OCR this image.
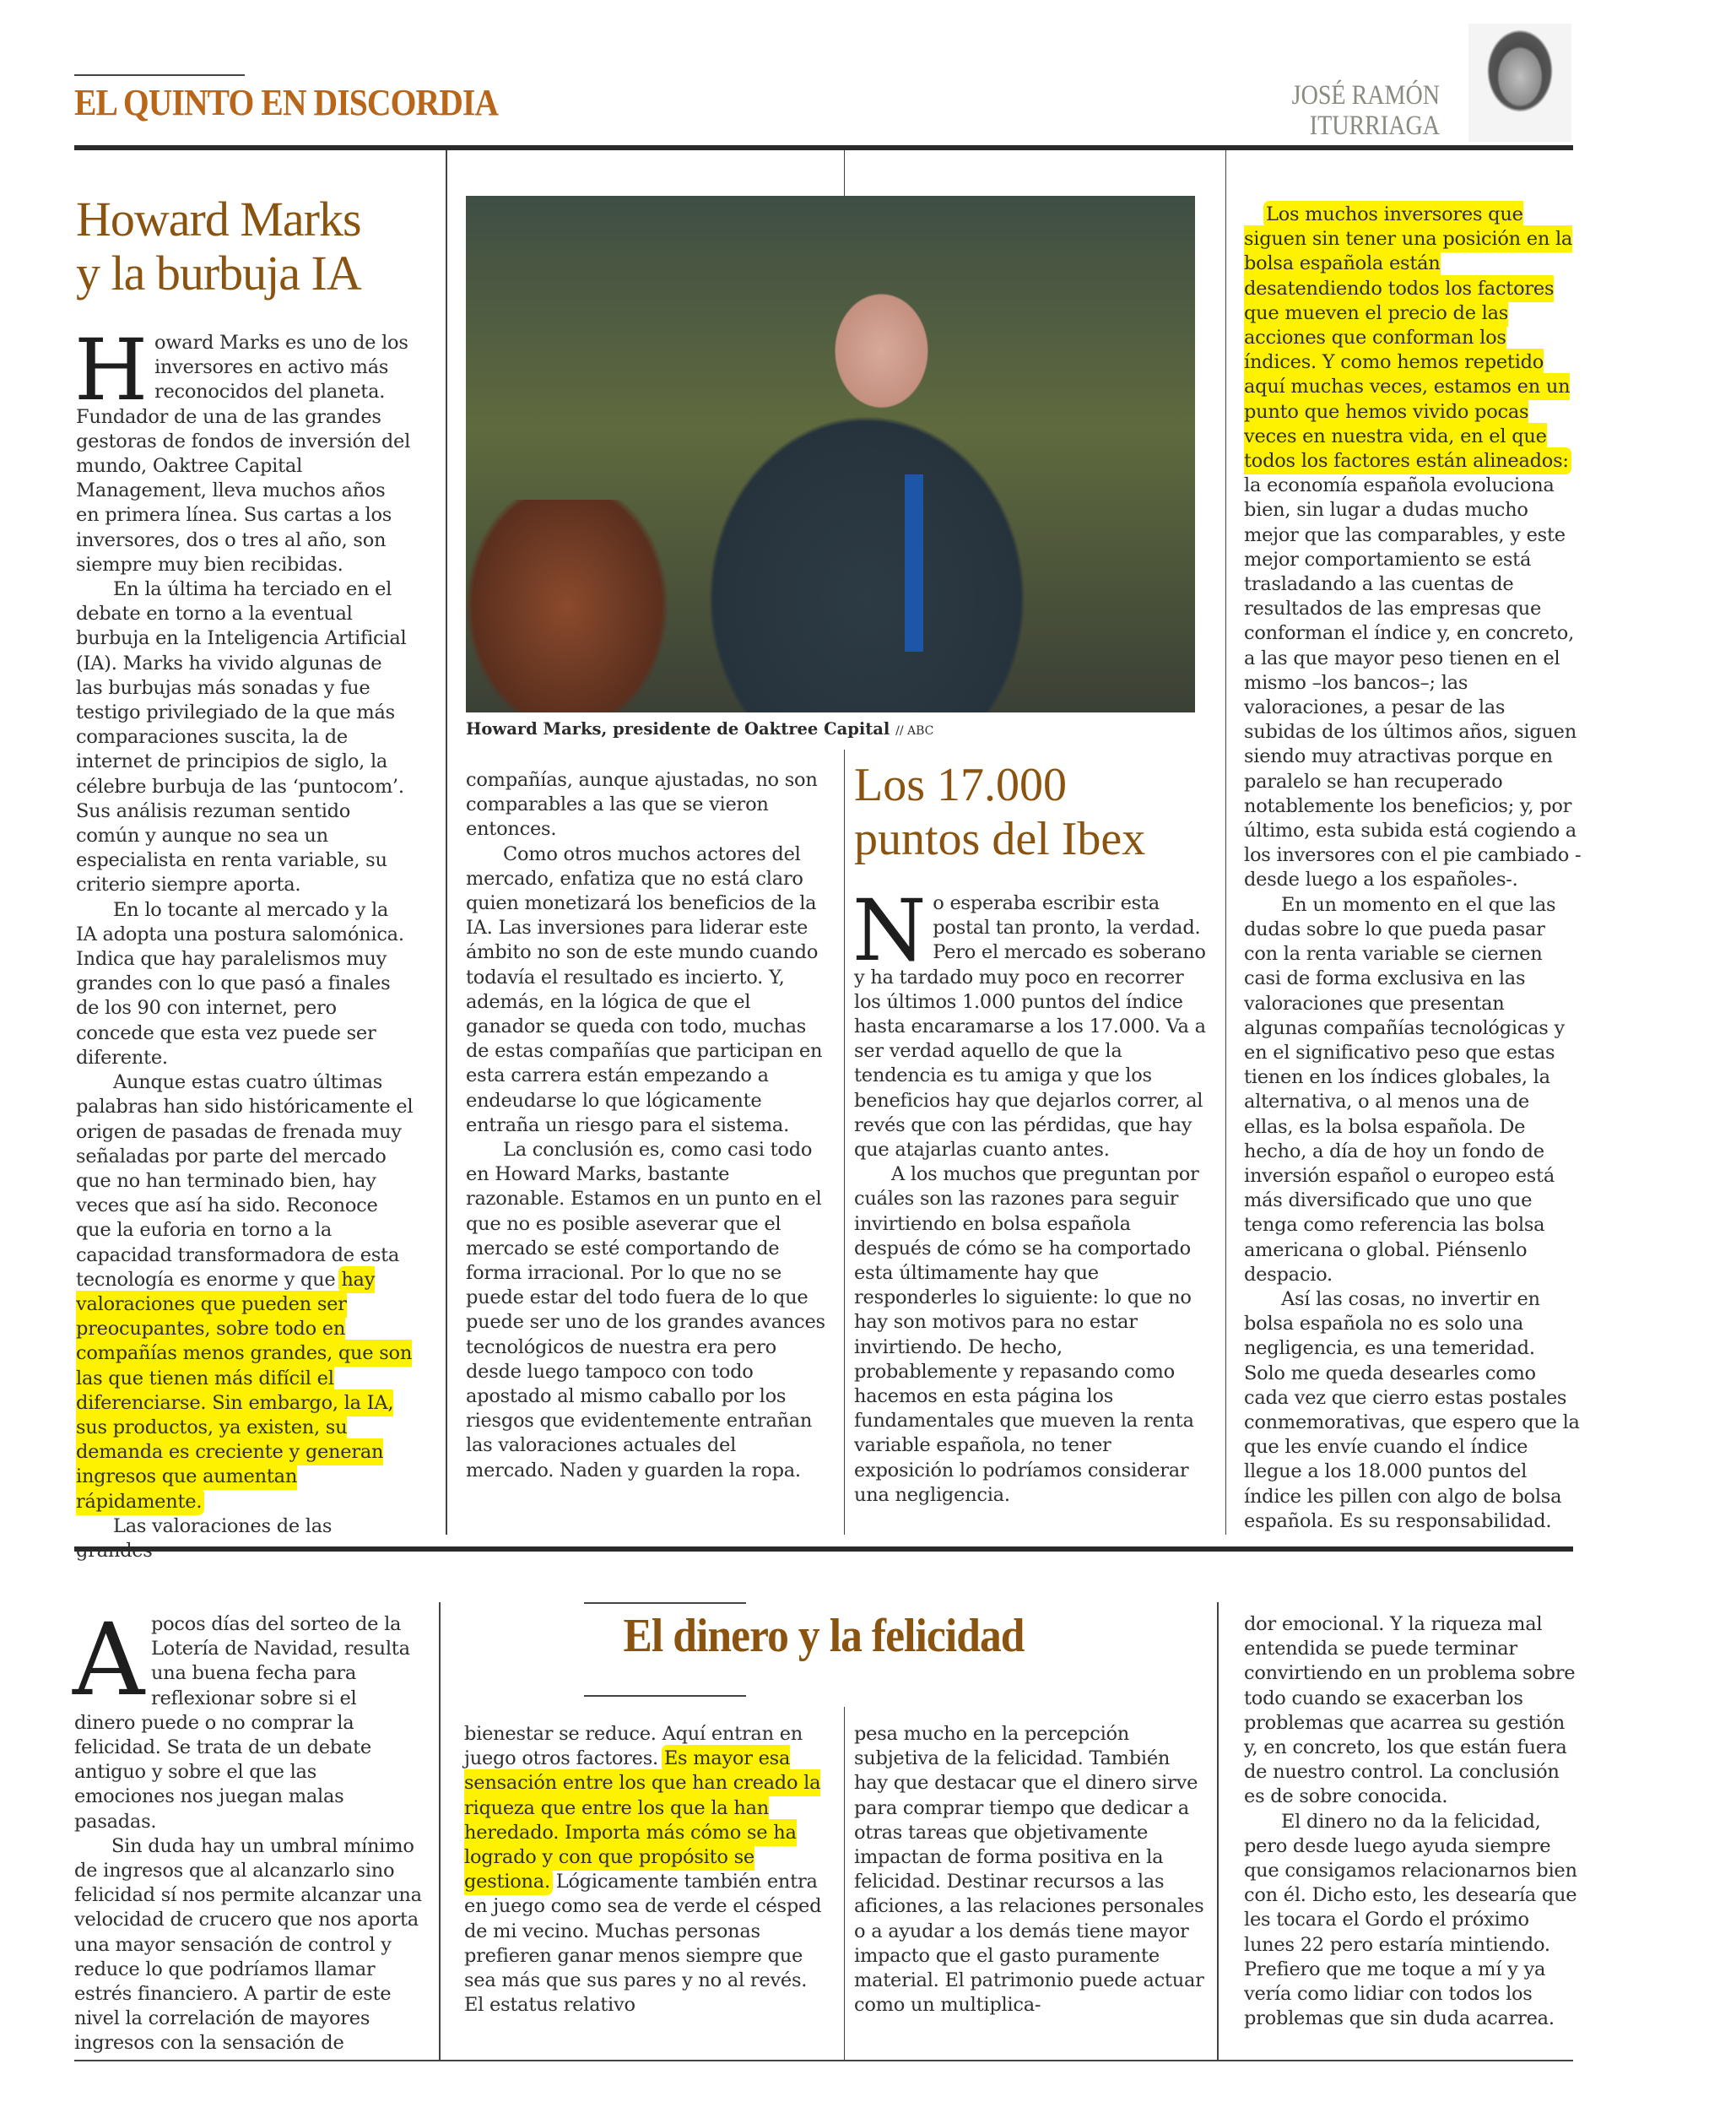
EL QUINTO EN DISCORDIA	JOSÉ RAMÓN
ITURRIAGA
Howard Marks
y la burbuja IA
H oward Marks es uno de los inversores en activo más reconocidos del planeta. Fundador de una de las grandes gestoras de fondos de inversión del mundo, Oaktree Capital Management, lleva muchos años en primera línea. Sus cartas a los inversores, dos o tres al año, son siempre muy bien recibidas.

En la última ha terciado en el debate en torno a la eventual burbuja en la Inteligencia Artificial (IA). Marks ha vivido algunas de las burbujas más sonadas y fue testigo privilegiado de la que más comparaciones suscita, la de internet de principios de siglo, la célebre burbuja de las ‘puntocom’. Sus análisis rezuman sentido común y aunque no sea un especialista en renta variable, su criterio siempre aporta.

En lo tocante al mercado y la IA adopta una postura salomónica. Indica que hay paralelismos muy grandes con lo que pasó a finales de los 90 con internet, pero concede que esta vez puede ser diferente.

Aunque estas cuatro últimas palabras han sido históricamente el origen de pasadas de frenada muy señaladas por parte del mercado que no han terminado bien, hay veces que así ha sido. Reconoce que la euforia en torno a la capacidad transformadora de esta tecnología es enorme y que hay valoraciones que pueden ser preocupantes, sobre todo en compañías menos grandes, que son las que tienen más difícil el diferenciarse. Sin embargo, la IA, sus productos, ya existen, su demanda es creciente y generan ingresos que aumentan rápidamente.

Las valoraciones de las

Howard Marks, presidente de Oaktree Capital // ABC

compañías, aunque ajustadas, no son comparables a las que se vieron entonces.

Como otros muchos actores del mercado, enfatiza que no está claro quien monetizará los beneficios de la IA. Las inversiones para liderar este ámbito no son de este mundo cuando todavía el resultado es incierto. Y, además, en la lógica de que el ganador se queda con todo, muchas de estas compañías que participan en esta carrera están empezando a endeudarse lo que lógicamente entraña un riesgo para el sistema.

La conclusión es, como casi todo en Howard Marks, bastante razonable. Estamos en un punto en el que no es posible aseverar que el mercado se esté comportando de forma irracional. Por lo que no se puede estar del todo fuera de lo que puede ser uno de los grandes avances tecnológicos de nuestra era pero desde luego tampoco con todo apostado al mismo caballo por los riesgos que evidentemente entrañan las valoraciones actuales del mercado. Naden y guarden la ropa.

Los 17.000
puntos del Ibex
N o esperaba escribir esta postal tan pronto, la verdad. Pero el mercado es soberano y ha tardado muy poco en recorrer los últimos 1.000 puntos del índice hasta encaramarse a los 17.000. Va a ser verdad aquello de que la tendencia es tu amiga y que los beneficios hay que dejarlos correr, al revés que con las pérdidas, que hay que atajarlas cuanto antes.

A los muchos que preguntan por cuáles son las razones para seguir invirtiendo en bolsa española después de cómo se ha comportado esta últimamente hay que responderles lo siguiente: lo que no hay son motivos para no estar invirtiendo. De hecho, probablemente y repasando como hacemos en esta página los fundamentales que mueven la renta variable española, no tener exposición lo podríamos considerar una negligencia.

Los muchos inversores que siguen sin tener una posición en la bolsa española están desatendiendo todos los factores que mueven el precio de las acciones que conforman los índices. Y como hemos repetido aquí muchas veces, estamos en un punto que hemos vivido pocas veces en nuestra vida, en el que todos los factores están alineados: la economía española evoluciona bien, sin lugar a dudas mucho mejor que las comparables, y este mejor comportamiento se está trasladando a las cuentas de resultados de las empresas que conforman el índice y, en concreto, a las que mayor peso tienen en el mismo –los bancos–; las valoraciones, a pesar de las subidas de los últimos años, siguen siendo muy atractivas porque en paralelo se han recuperado notablemente los beneficios; y, por último, esta subida está cogiendo a los inversores con el pie cambiado -desde luego a los españoles-.

En un momento en el que las dudas sobre lo que pueda pasar con la renta variable se ciernen casi de forma exclusiva en las valoraciones que presentan algunas compañías tecnológicas y en el significativo peso que estas tienen en los índices globales, la alternativa, o al menos una de ellas, es la bolsa española. De hecho, a día de hoy un fondo de inversión español o europeo está más diversificado que uno que tenga como referencia las bolsa americana o global. Piénsenlo despacio.

Así las cosas, no invertir en bolsa española no es solo una negligencia, es una temeridad. Solo me queda desearles como cada vez que cierro estas postales conmemorativas, que espero que la que les envíe cuando el índice llegue a los 18.000 puntos del índice les pillen con algo de bolsa española. Es su responsabilidad.

El dinero y la felicidad
A pocos días del sorteo de la Lotería de Navidad, resulta una buena fecha para reflexionar sobre si el dinero puede o no comprar la felicidad. Se trata de un debate antiguo y sobre el que las emociones nos juegan malas pasadas.

Sin duda hay un umbral mínimo de ingresos que al alcanzarlo sino felicidad sí nos permite alcanzar una velocidad de crucero que nos aporta una mayor sensación de control y reduce lo que podríamos llamar estrés financiero. A partir de este nivel la correlación de mayores ingresos con la sensación de

bienestar se reduce. Aquí entran en juego otros factores. Es mayor esa sensación entre los que han creado la riqueza que entre los que la han heredado. Importa más cómo se ha logrado y con que propósito se gestiona. Lógicamente también entra en juego como sea de verde el césped de mi vecino. Muchas personas prefieren ganar menos siempre que sea más que sus pares y no al revés. El estatus relativo

pesa mucho en la percepción subjetiva de la felicidad. También hay que destacar que el dinero sirve para comprar tiempo que dedicar a otras tareas que objetivamente impactan de forma positiva en la felicidad. Destinar recursos a las aficiones, a las relaciones personales o a ayudar a los demás tiene mayor impacto que el gasto puramente material. El patrimonio puede actuar como un multiplica-

dor emocional. Y la riqueza mal entendida se puede terminar convirtiendo en un problema sobre todo cuando se exacerban los problemas que acarrea su gestión y, en concreto, los que están fuera de nuestro control. La conclusión es de sobre conocida.

El dinero no da la felicidad, pero desde luego ayuda siempre que consigamos relacionarnos bien con él. Dicho esto, les desearía que les tocara el Gordo el próximo lunes 22 pero estaría mintiendo. Prefiero que me toque a mí y ya vería como lidiar con todos los problemas que sin duda acarrea.
